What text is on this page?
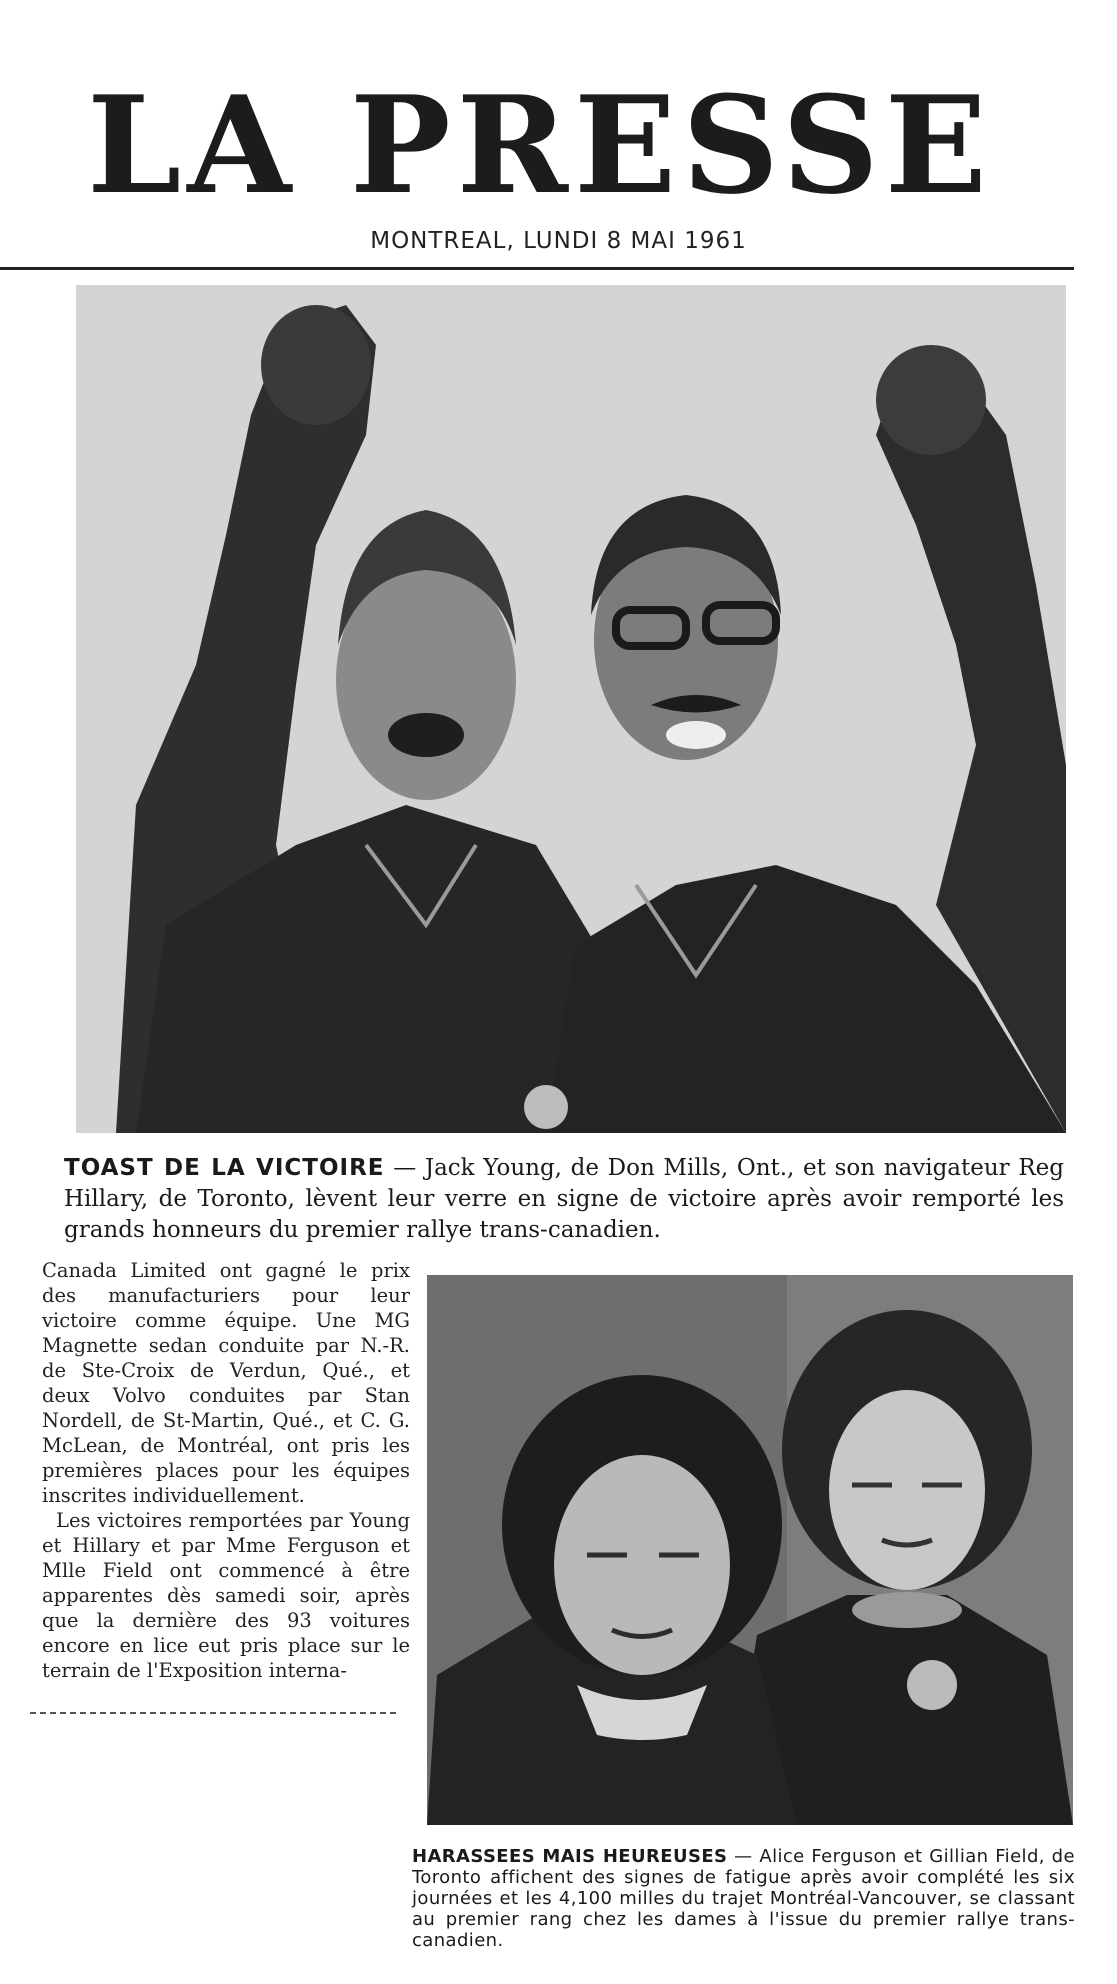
LA PRESSE
MONTREAL, LUNDI 8 MAI 1961

TOAST DE LA VICTOIRE — Jack Young, de Don Mills, Ont., et son navigateur Reg Hillary, de Toronto, lèvent leur verre en signe de victoire après avoir remporté les grands honneurs du premier rallye trans-canadien.

Canada Limited ont gagné le prix des manufacturiers pour leur victoire comme équipe. Une MG Magnette sedan conduite par N.-R. de Ste-Croix de Verdun, Qué., et deux Volvo conduites par Stan Nordell, de St-Martin, Qué., et C. G. McLean, de Montréal, ont pris les premières places pour les équipes inscrites individuellement.

Les victoires remportées par Young et Hillary et par Mme Ferguson et Mlle Field ont commencé à être apparentes dès samedi soir, après que la dernière des 93 voitures encore en lice eut pris place sur le terrain de l'Exposition interna-

HARASSEES MAIS HEUREUSES — Alice Ferguson et Gillian Field, de Toronto affichent des signes de fatigue après avoir complété les six journées et les 4,100 milles du trajet Montréal-Vancouver, se classant au premier rang chez les dames à l'issue du premier rallye trans-canadien.
